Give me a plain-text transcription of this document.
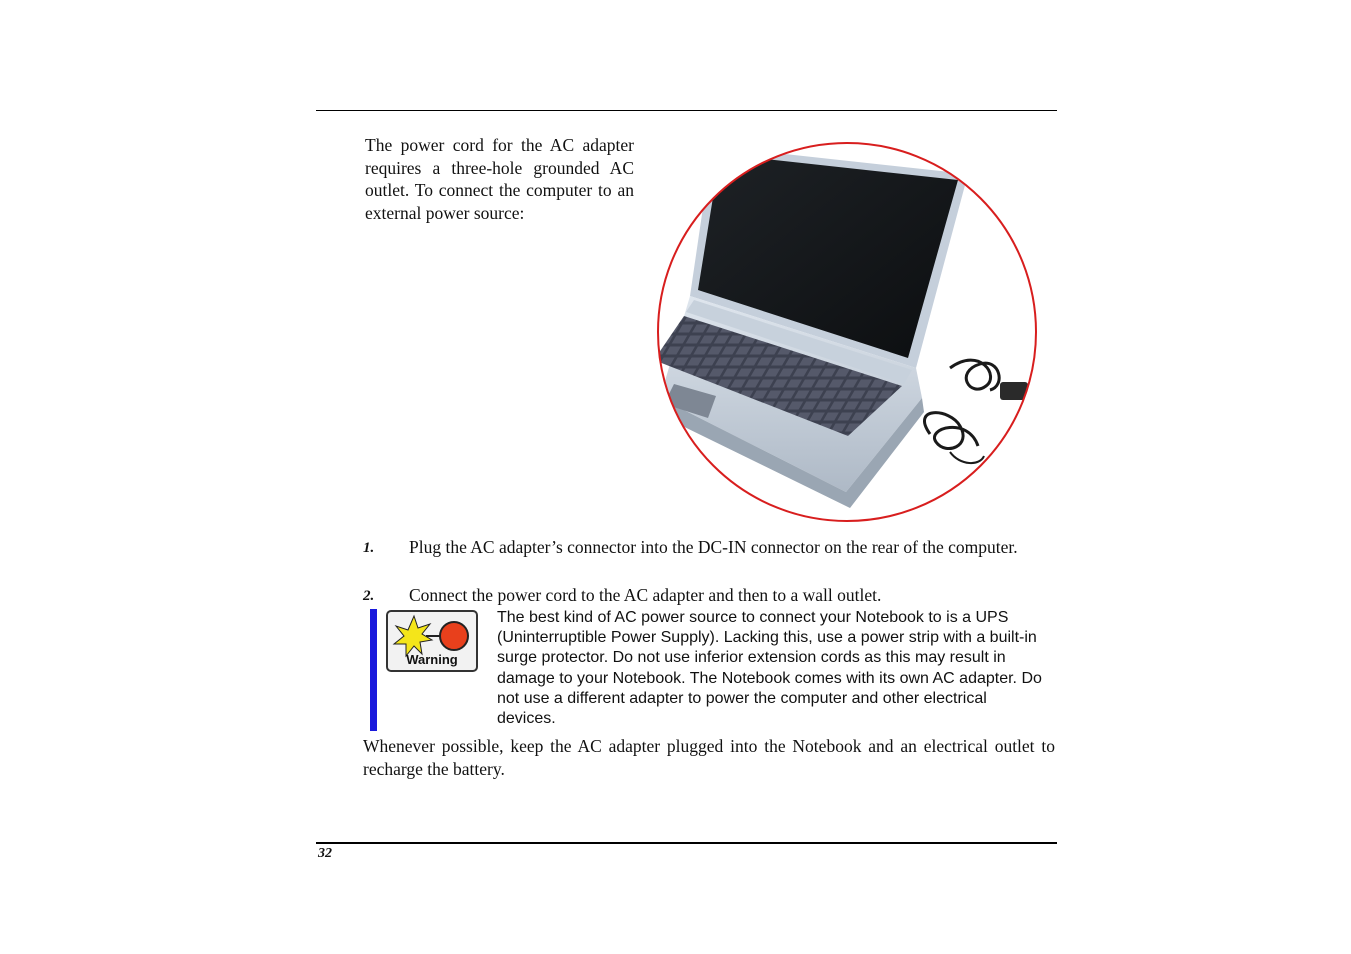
The power cord for the AC adapter requires a three-hole grounded AC outlet. To connect the computer to an external power source:

1. Plug the AC adapter’s connector into the DC-IN connector on the rear of the computer.

2. Connect the power cord to the AC adapter and then to a wall outlet.

Warning

The best kind of AC power source to connect your Notebook to is a UPS (Uninterruptible Power Supply). Lacking this, use a power strip with a built-in surge protector. Do not use inferior extension cords as this may result in damage to your Notebook. The Notebook comes with its own AC adapter. Do not use a different adapter to power the computer and other electrical devices.

Whenever possible, keep the AC adapter plugged into the Notebook and an electrical outlet to recharge the battery.

32
